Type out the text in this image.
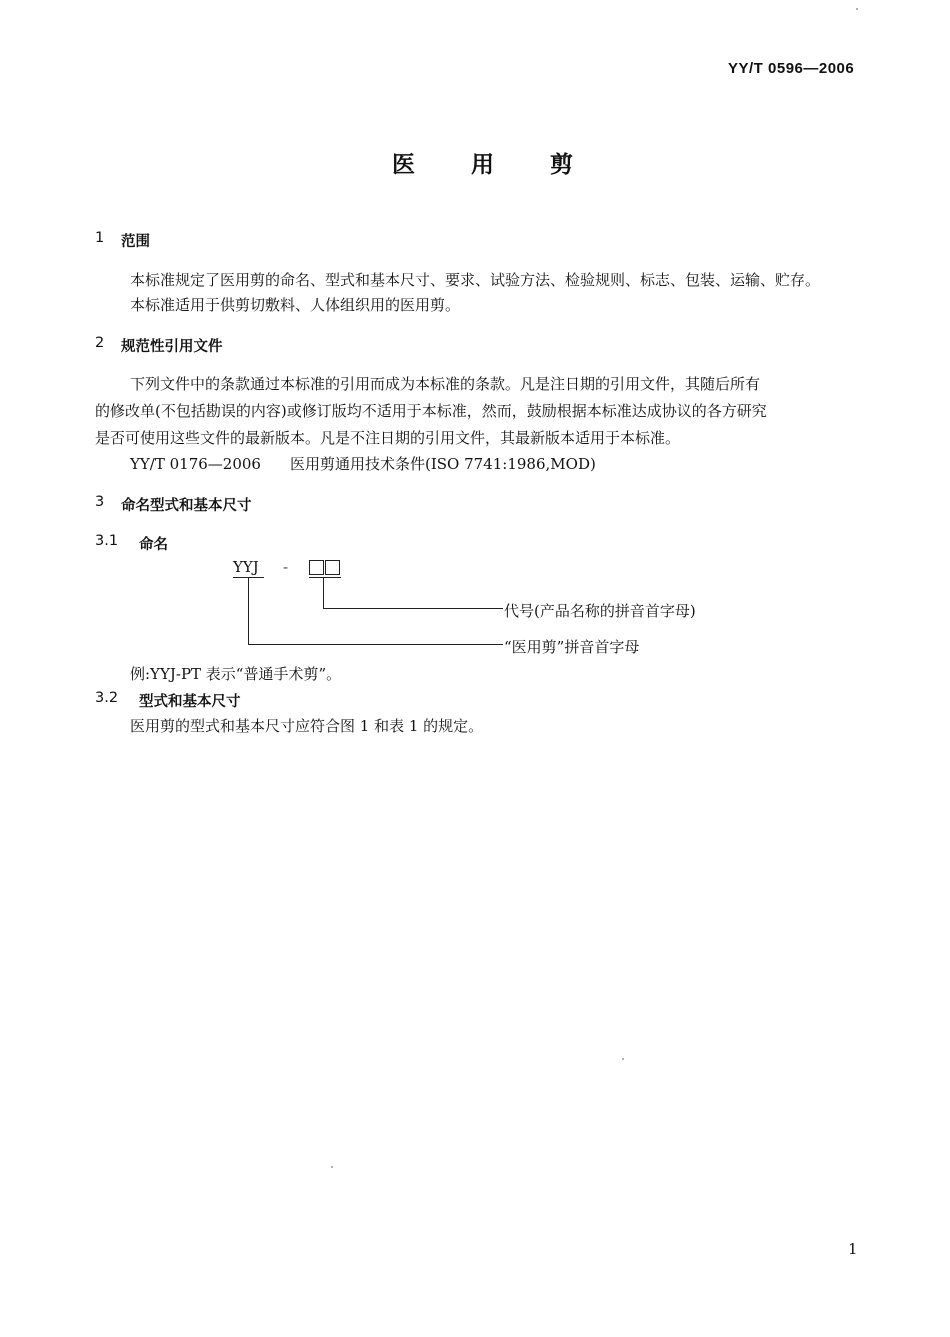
YY/T 0596—2006
医 用 剪
1 范围
本标准规定了医用剪的命名、型式和基本尺寸、要求、试验方法、检验规则、标志、包装、运输、贮存。
本标准适用于供剪切敷料、人体组织用的医用剪。
2 规范性引用文件
下列文件中的条款通过本标准的引用而成为本标准的条款。凡是注日期的引用文件，其随后所有
的修改单(不包括勘误的内容)或修订版均不适用于本标准，然而，鼓励根据本标准达成协议的各方研究
是否可使用这些文件的最新版本。凡是不注日期的引用文件，其最新版本适用于本标准。
YY/T 0176—2006 医用剪通用技术条件(ISO 7741:1986,MOD)
3 命名型式和基本尺寸
3.1 命名
YYJ -
代号(产品名称的拼音首字母)
“医用剪”拼音首字母
例:YYJ-PT 表示“普通手术剪”。
3.2 型式和基本尺寸
医用剪的型式和基本尺寸应符合图 1 和表 1 的规定。
1
